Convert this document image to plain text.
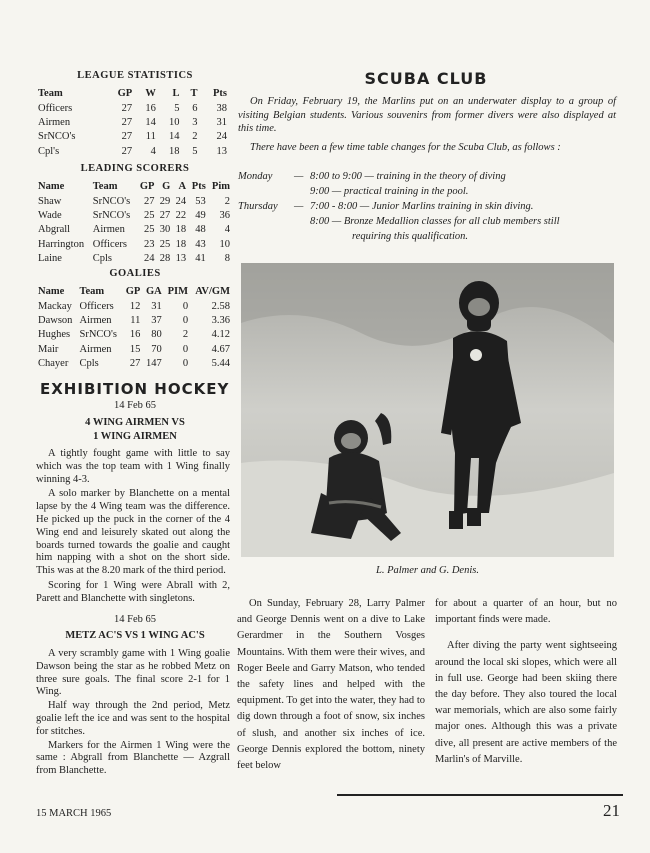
LEAGUE STATISTICS
Team	GP	W	L	T	Pts
Officers	27	16	5	6	38
Airmen	27	14	10	3	31
SrNCO's	27	11	14	2	24
Cpl's	27	4	18	5	13
LEADING SCORERS
Name	Team	GP	G	A	Pts	Pim
Shaw	SrNCO's	27	29	24	53	2
Wade	SrNCO's	25	27	22	49	36
Abgrall	Airmen	25	30	18	48	4
Harrington	Officers	23	25	18	43	10
Laine	Cpls	24	28	13	41	8
GOALIES
Name	Team	GP	GA	PIM	AV/GM
Mackay	Officers	12	31	0	2.58
Dawson	Airmen	11	37	0	3.36
Hughes	SrNCO's	16	80	2	4.12
Mair	Airmen	15	70	0	4.67
Chayer	Cpls	27	147	0	5.44
EXHIBITION HOCKEY
14 Feb 65
4 WING AIRMEN VS
1 WING AIRMEN

A tightly fought game with little to say which was the top team with 1 Wing finally winning 4-3.

A solo marker by Blanchette on a mental lapse by the 4 Wing team was the difference. He picked up the puck in the corner of the 4 Wing end and leisurely skated out along the boards turned towards the goalie and caught him napping with a shot on the short side. This was at the 8.20 mark of the third period.

Scoring for 1 Wing were Abrall with 2, Parett and Blanchette with singletons.

14 Feb 65
METZ AC'S VS 1 WING AC'S

A very scrambly game with 1 Wing goalie Dawson being the star as he robbed Metz on three sure goals. The final score 2-1 for 1 Wing.

Half way through the 2nd period, Metz goalie left the ice and was sent to the hospital for stitches.

Markers for the Airmen 1 Wing were the same : Abgrall from Blanchette — Azgrall from Blanchette.

SCUBA CLUB

On Friday, February 19, the Marlins put on an underwater display to a group of visiting Belgian students. Various souvenirs from former divers were also displayed at this time.

There have been a few time table changes for the Scuba Club, as follows :

Monday — 8:00 to 9:00 — training in the theory of diving
9:00 — practical training in the pool.
Thursday — 7:00 - 8:00 — Junior Marlins training in skin diving.
8:00 — Bronze Medallion classes for all club members still
requiring this qualification.
L. Palmer and G. Denis.
On Sunday, February 28, Larry Palmer and George Dennis went on a dive to Lake Gerardmer in the Southern Vosges Mountains. With them were their wives, and Roger Beele and Garry Matson, who tended the safety lines and helped with the equipment. To get into the water, they had to dig down through a foot of snow, six inches of slush, and another six inches of ice. George Dennis explored the bottom, ninety feet below

for about a quarter of an hour, but no important finds were made.

After diving the party went sightseeing around the local ski slopes, which were all in full use. George had been skiing there the day before. They also toured the local war memorials, which are also some fairly major ones. Although this was a private dive, all present are active members of the Marlin's of Marville.

15 MARCH 1965	21
